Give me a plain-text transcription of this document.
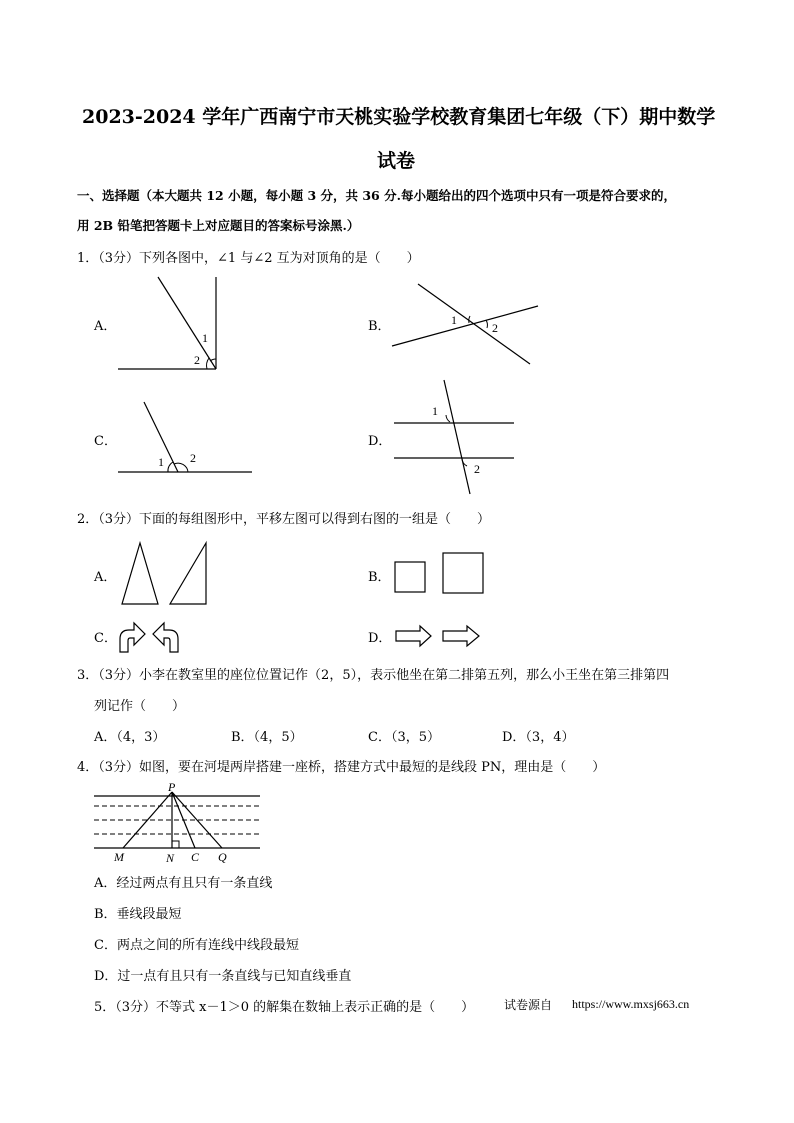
2023-2024 学年广西南宁市天桃实验学校教育集团七年级（下）期中数学
试卷
一、选择题（本大题共 12 小题，每小题 3 分，共 36 分.每小题给出的四个选项中只有一项是符合要求的，
用 2B 铅笔把答题卡上对应题目的答案标号涂黑.）
1．（3分）下列各图中，∠1 与∠2 互为对顶角的是（　　）
A．
1
2
B．	1
2
C．
1 2
D．
1
2
2．（3分）下面的每组图形中，平移左图可以得到右图的一组是（　　）
A．	B．
C．	D．
3．（3分）小李在教室里的座位位置记作（2，5），表示他坐在第二排第五列，那么小王坐在第三排第四
列记作（　　）
A．（4，3）	B．（4，5）	C．（3，5）	D．（3，4）
4．（3分）如图，要在河堤两岸搭建一座桥，搭建方式中最短的是线段 PN，理由是（　　）
P
M	N C Q
A．经过两点有且只有一条直线
B．垂线段最短
C．两点之间的所有连线中线段最短
D．过一点有且只有一条直线与已知直线垂直
5．（3分）不等式 x－1＞0 的解集在数轴上表示正确的是（　　） 试卷源自 https://www.mxsj663.cn
